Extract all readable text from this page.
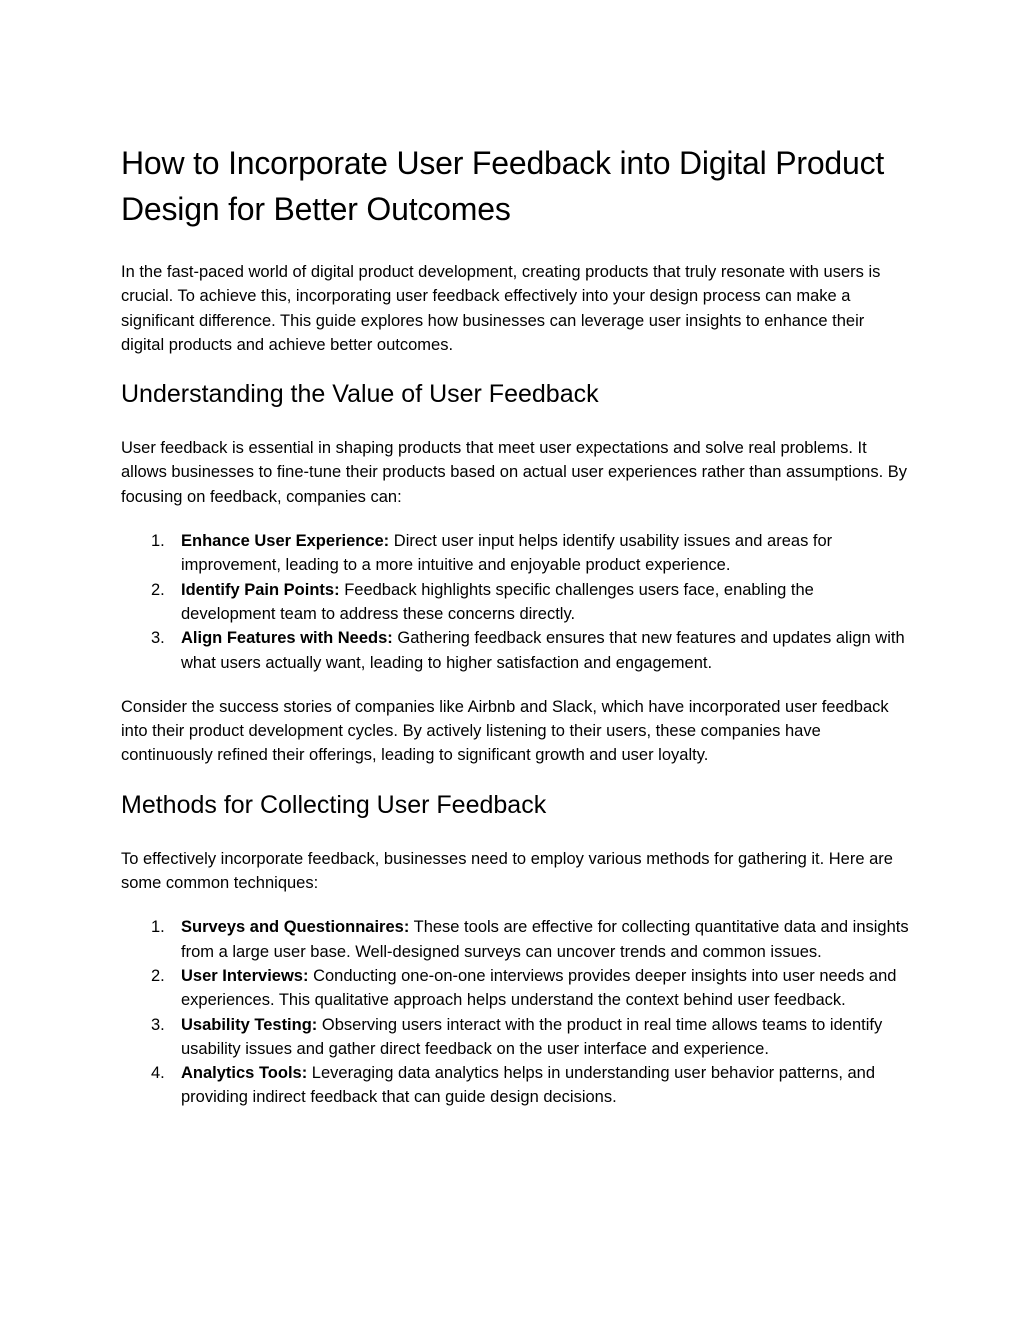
How to Incorporate User Feedback into Digital Product Design for Better Outcomes

In the fast-paced world of digital product development, creating products that truly resonate with users is crucial. To achieve this, incorporating user feedback effectively into your design process can make a significant difference. This guide explores how businesses can leverage user insights to enhance their digital products and achieve better outcomes.

Understanding the Value of User Feedback

User feedback is essential in shaping products that meet user expectations and solve real problems. It allows businesses to fine-tune their products based on actual user experiences rather than assumptions. By focusing on feedback, companies can:

1. Enhance User Experience: Direct user input helps identify usability issues and areas for improvement, leading to a more intuitive and enjoyable product experience.
2. Identify Pain Points: Feedback highlights specific challenges users face, enabling the development team to address these concerns directly.
3. Align Features with Needs: Gathering feedback ensures that new features and updates align with what users actually want, leading to higher satisfaction and engagement.

Consider the success stories of companies like Airbnb and Slack, which have incorporated user feedback into their product development cycles. By actively listening to their users, these companies have continuously refined their offerings, leading to significant growth and user loyalty.

Methods for Collecting User Feedback

To effectively incorporate feedback, businesses need to employ various methods for gathering it. Here are some common techniques:

1. Surveys and Questionnaires: These tools are effective for collecting quantitative data and insights from a large user base. Well-designed surveys can uncover trends and common issues.
2. User Interviews: Conducting one-on-one interviews provides deeper insights into user needs and experiences. This qualitative approach helps understand the context behind user feedback.
3. Usability Testing: Observing users interact with the product in real time allows teams to identify usability issues and gather direct feedback on the user interface and experience.
4. Analytics Tools: Leveraging data analytics helps in understanding user behavior patterns, and providing indirect feedback that can guide design decisions.
